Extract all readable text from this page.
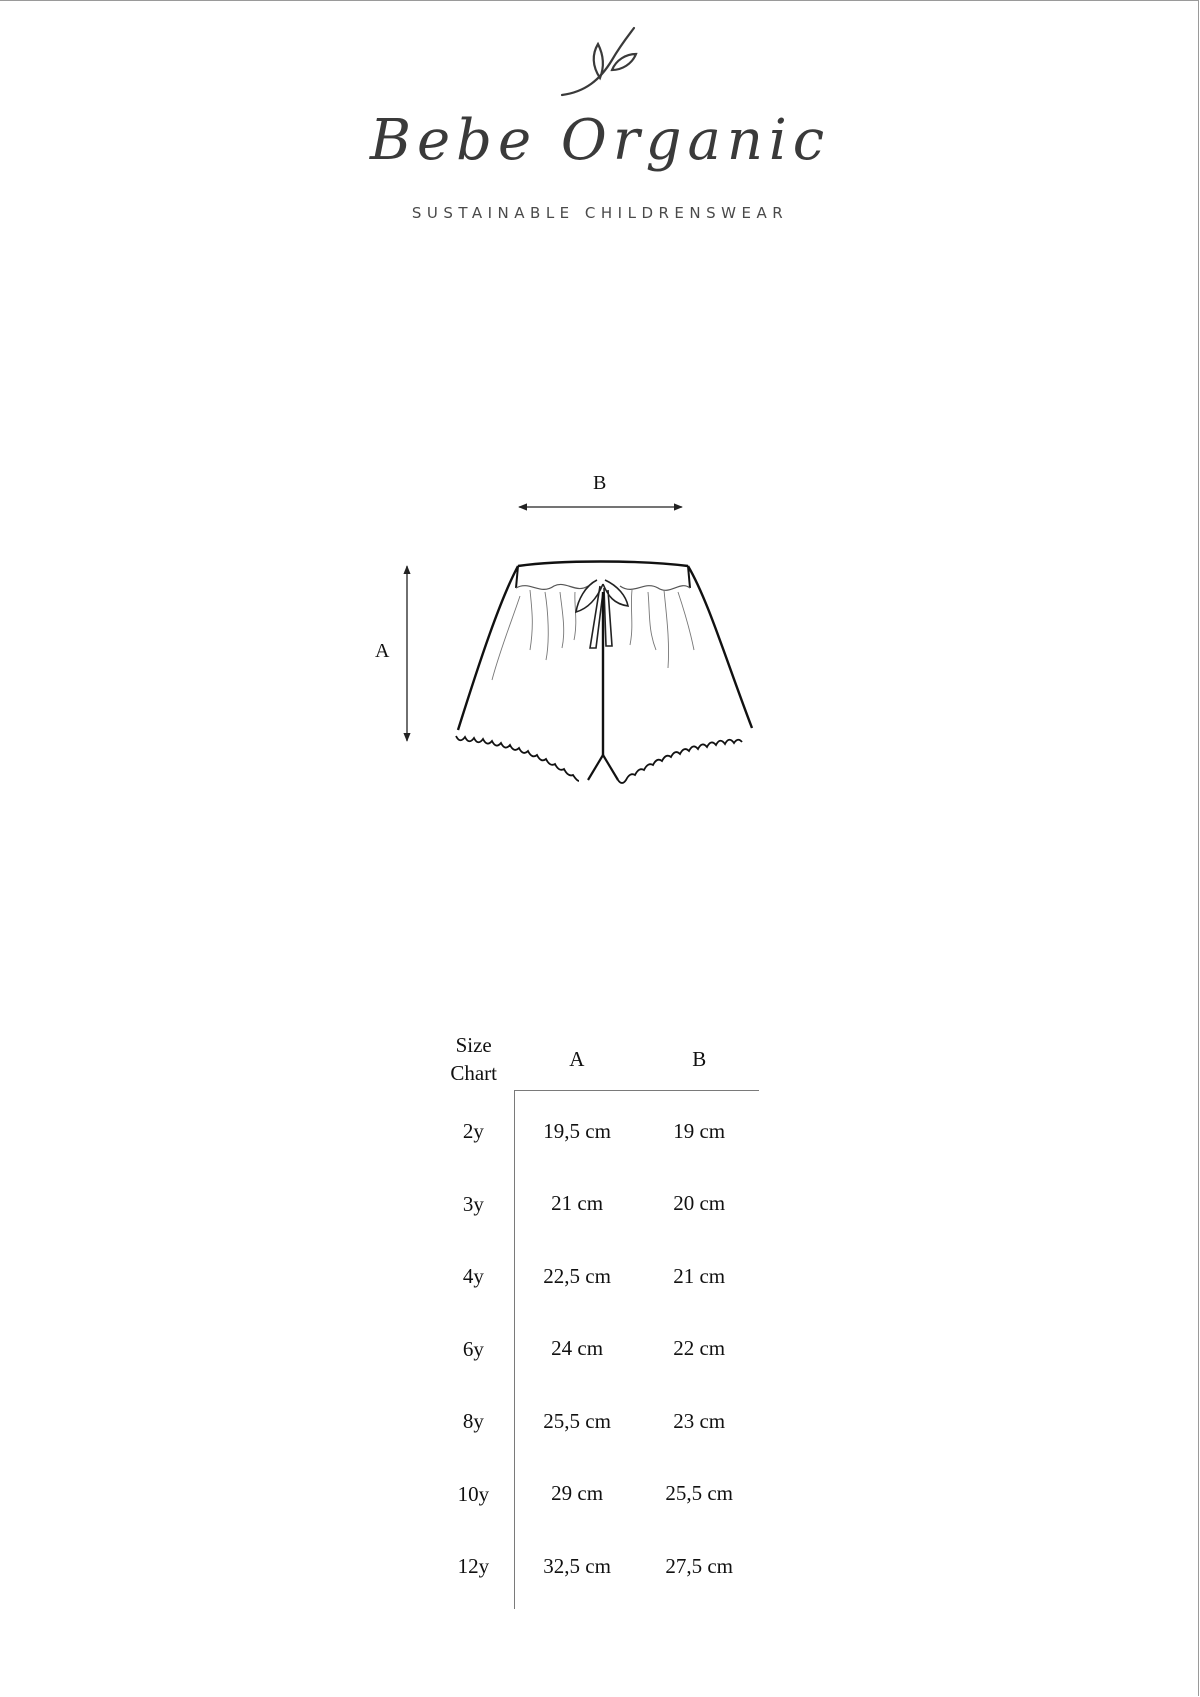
Bebe Organic
SUSTAINABLE CHILDRENSWEAR
B
A
Size
Chart	A	B
2y	19,5 cm	19 cm
3y	21 cm	20 cm
4y	22,5 cm	21 cm
6y	24 cm	22 cm
8y	25,5 cm	23 cm
10y	29 cm	25,5 cm
12y	32,5 cm	27,5 cm
